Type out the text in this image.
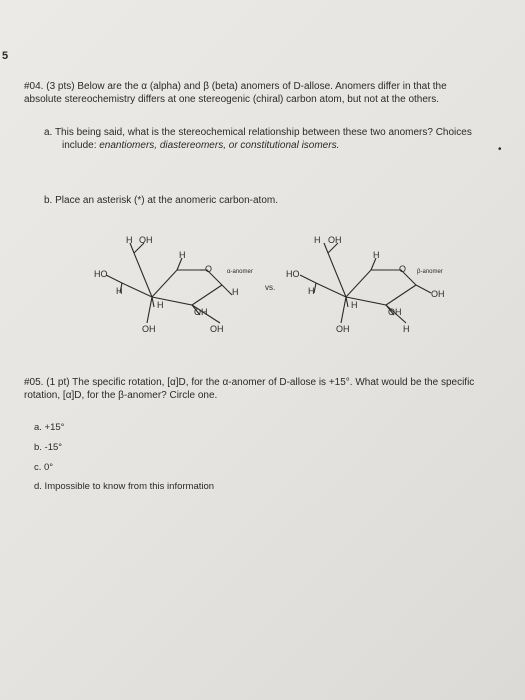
5
#04. (3 pts) Below are the α (alpha) and β (beta) anomers of D-allose. Anomers differ in that the
absolute stereochemistry differs at one stereogenic (chiral) carbon atom, but not at the others.
a. This being said, what is the stereochemical relationship between these two anomers? Choices
include: enantiomers, diastereomers, or constitutional isomers.	•
b. Place an asterisk (*) at the anomeric carbon-atom.
H OH
H
O α-anomer
HO
H
H
OH
H
OH	OH
vs.
H OH
H
O β-anomer
HO
H
H
OH
OH
OH	H
#05. (1 pt) The specific rotation, [α]D, for the α-anomer of D-allose is +15°. What would be the specific
rotation, [α]D, for the β-anomer? Circle one.
a. +15°
b. -15°
c. 0°
d. Impossible to know from this information
